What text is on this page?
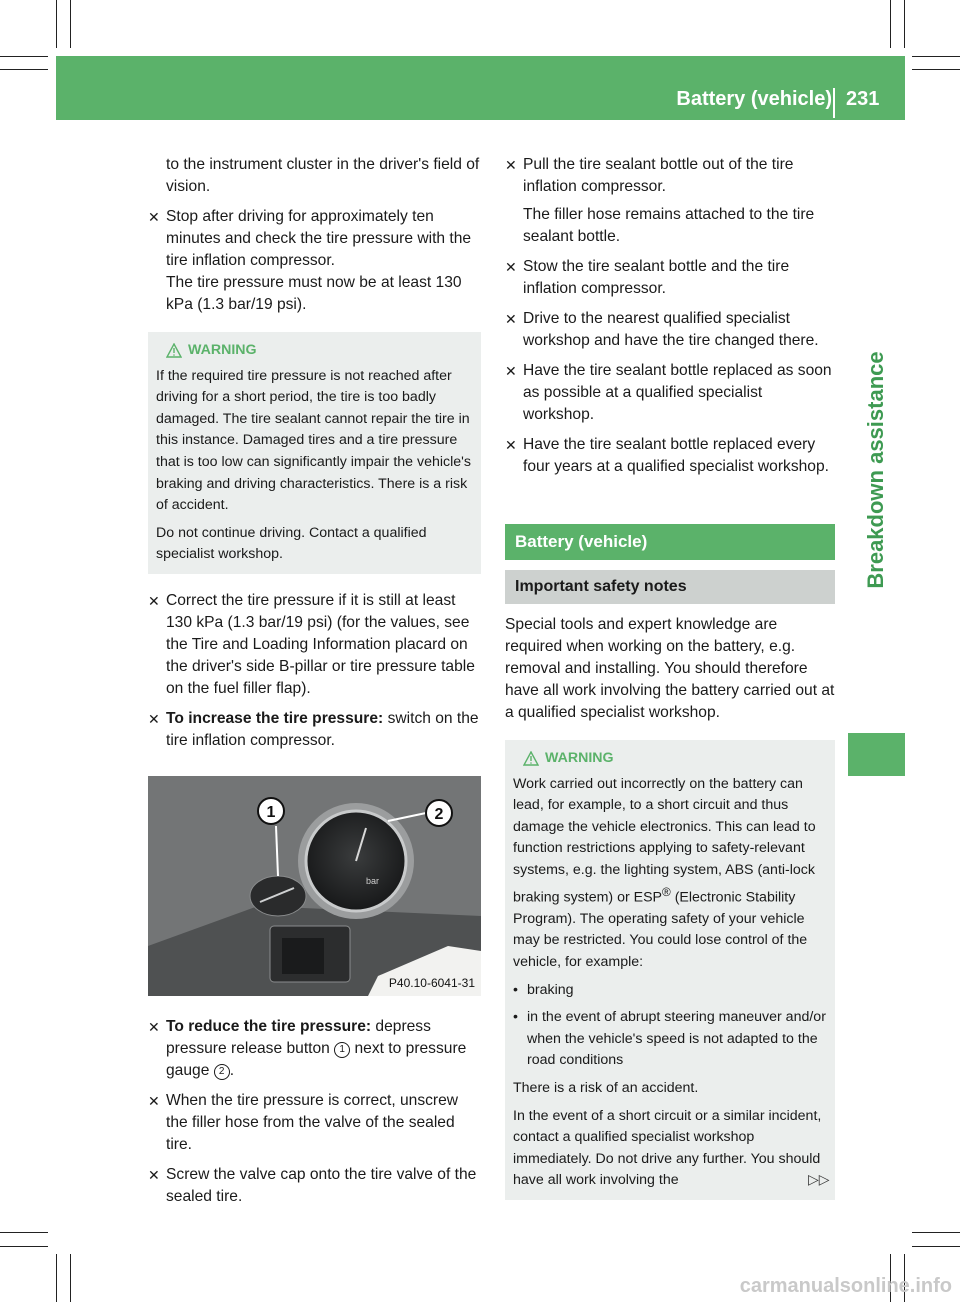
Battery (vehicle) 231
Breakdown assistance

to the instrument cluster in the driver's field of vision.

✕ Stop after driving for approximately ten minutes and check the tire pressure with the tire inflation compressor.
The tire pressure must now be at least 130 kPa (1.3 bar/19 psi).
WARNING

If the required tire pressure is not reached after driving for a short period, the tire is too badly damaged. The tire sealant cannot repair the tire in this instance. Damaged tires and a tire pressure that is too low can significantly impair the vehicle's braking and driving characteristics. There is a risk of accident.

Do not continue driving. Contact a qualified specialist workshop.

✕ Correct the tire pressure if it is still at least 130 kPa (1.3 bar/19 psi) (for the values, see the Tire and Loading Information placard on the driver's side B-pillar or tire pressure table on the fuel filler flap).
✕ To increase the tire pressure: switch on the tire inflation compressor.
bar
1	2
P40.10-6041-31
✕ To reduce the tire pressure: depress pressure release button 1 next to pressure gauge 2 .
✕ When the tire pressure is correct, unscrew the filler hose from the valve of the sealed tire.
✕ Screw the valve cap onto the tire valve of the sealed tire.
✕ Pull the tire sealant bottle out of the tire inflation compressor.
The filler hose remains attached to the tire sealant bottle.
✕ Stow the tire sealant bottle and the tire inflation compressor.
✕ Drive to the nearest qualified specialist workshop and have the tire changed there.
✕ Have the tire sealant bottle replaced as soon as possible at a qualified specialist workshop.
✕ Have the tire sealant bottle replaced every four years at a qualified specialist workshop.
Battery (vehicle)
Important safety notes

Special tools and expert knowledge are required when working on the battery, e.g. removal and installing. You should therefore have all work involving the battery carried out at a qualified specialist workshop.

WARNING

Work carried out incorrectly on the battery can lead, for example, to a short circuit and thus damage the vehicle electronics. This can lead to function restrictions applying to safety-relevant systems, e.g. the lighting system, ABS (anti-lock braking system) or ESP® (Electronic Stability Program). The operating safety of your vehicle may be restricted. You could lose control of the vehicle, for example:

• braking
• in the event of abrupt steering maneuver and/or when the vehicle's speed is not adapted to the road conditions

There is a risk of an accident.

In the event of a short circuit or a similar incident, contact a qualified specialist workshop immediately. Do not drive any further. You should have all work involving the	▷▷
carmanualsonline.info
